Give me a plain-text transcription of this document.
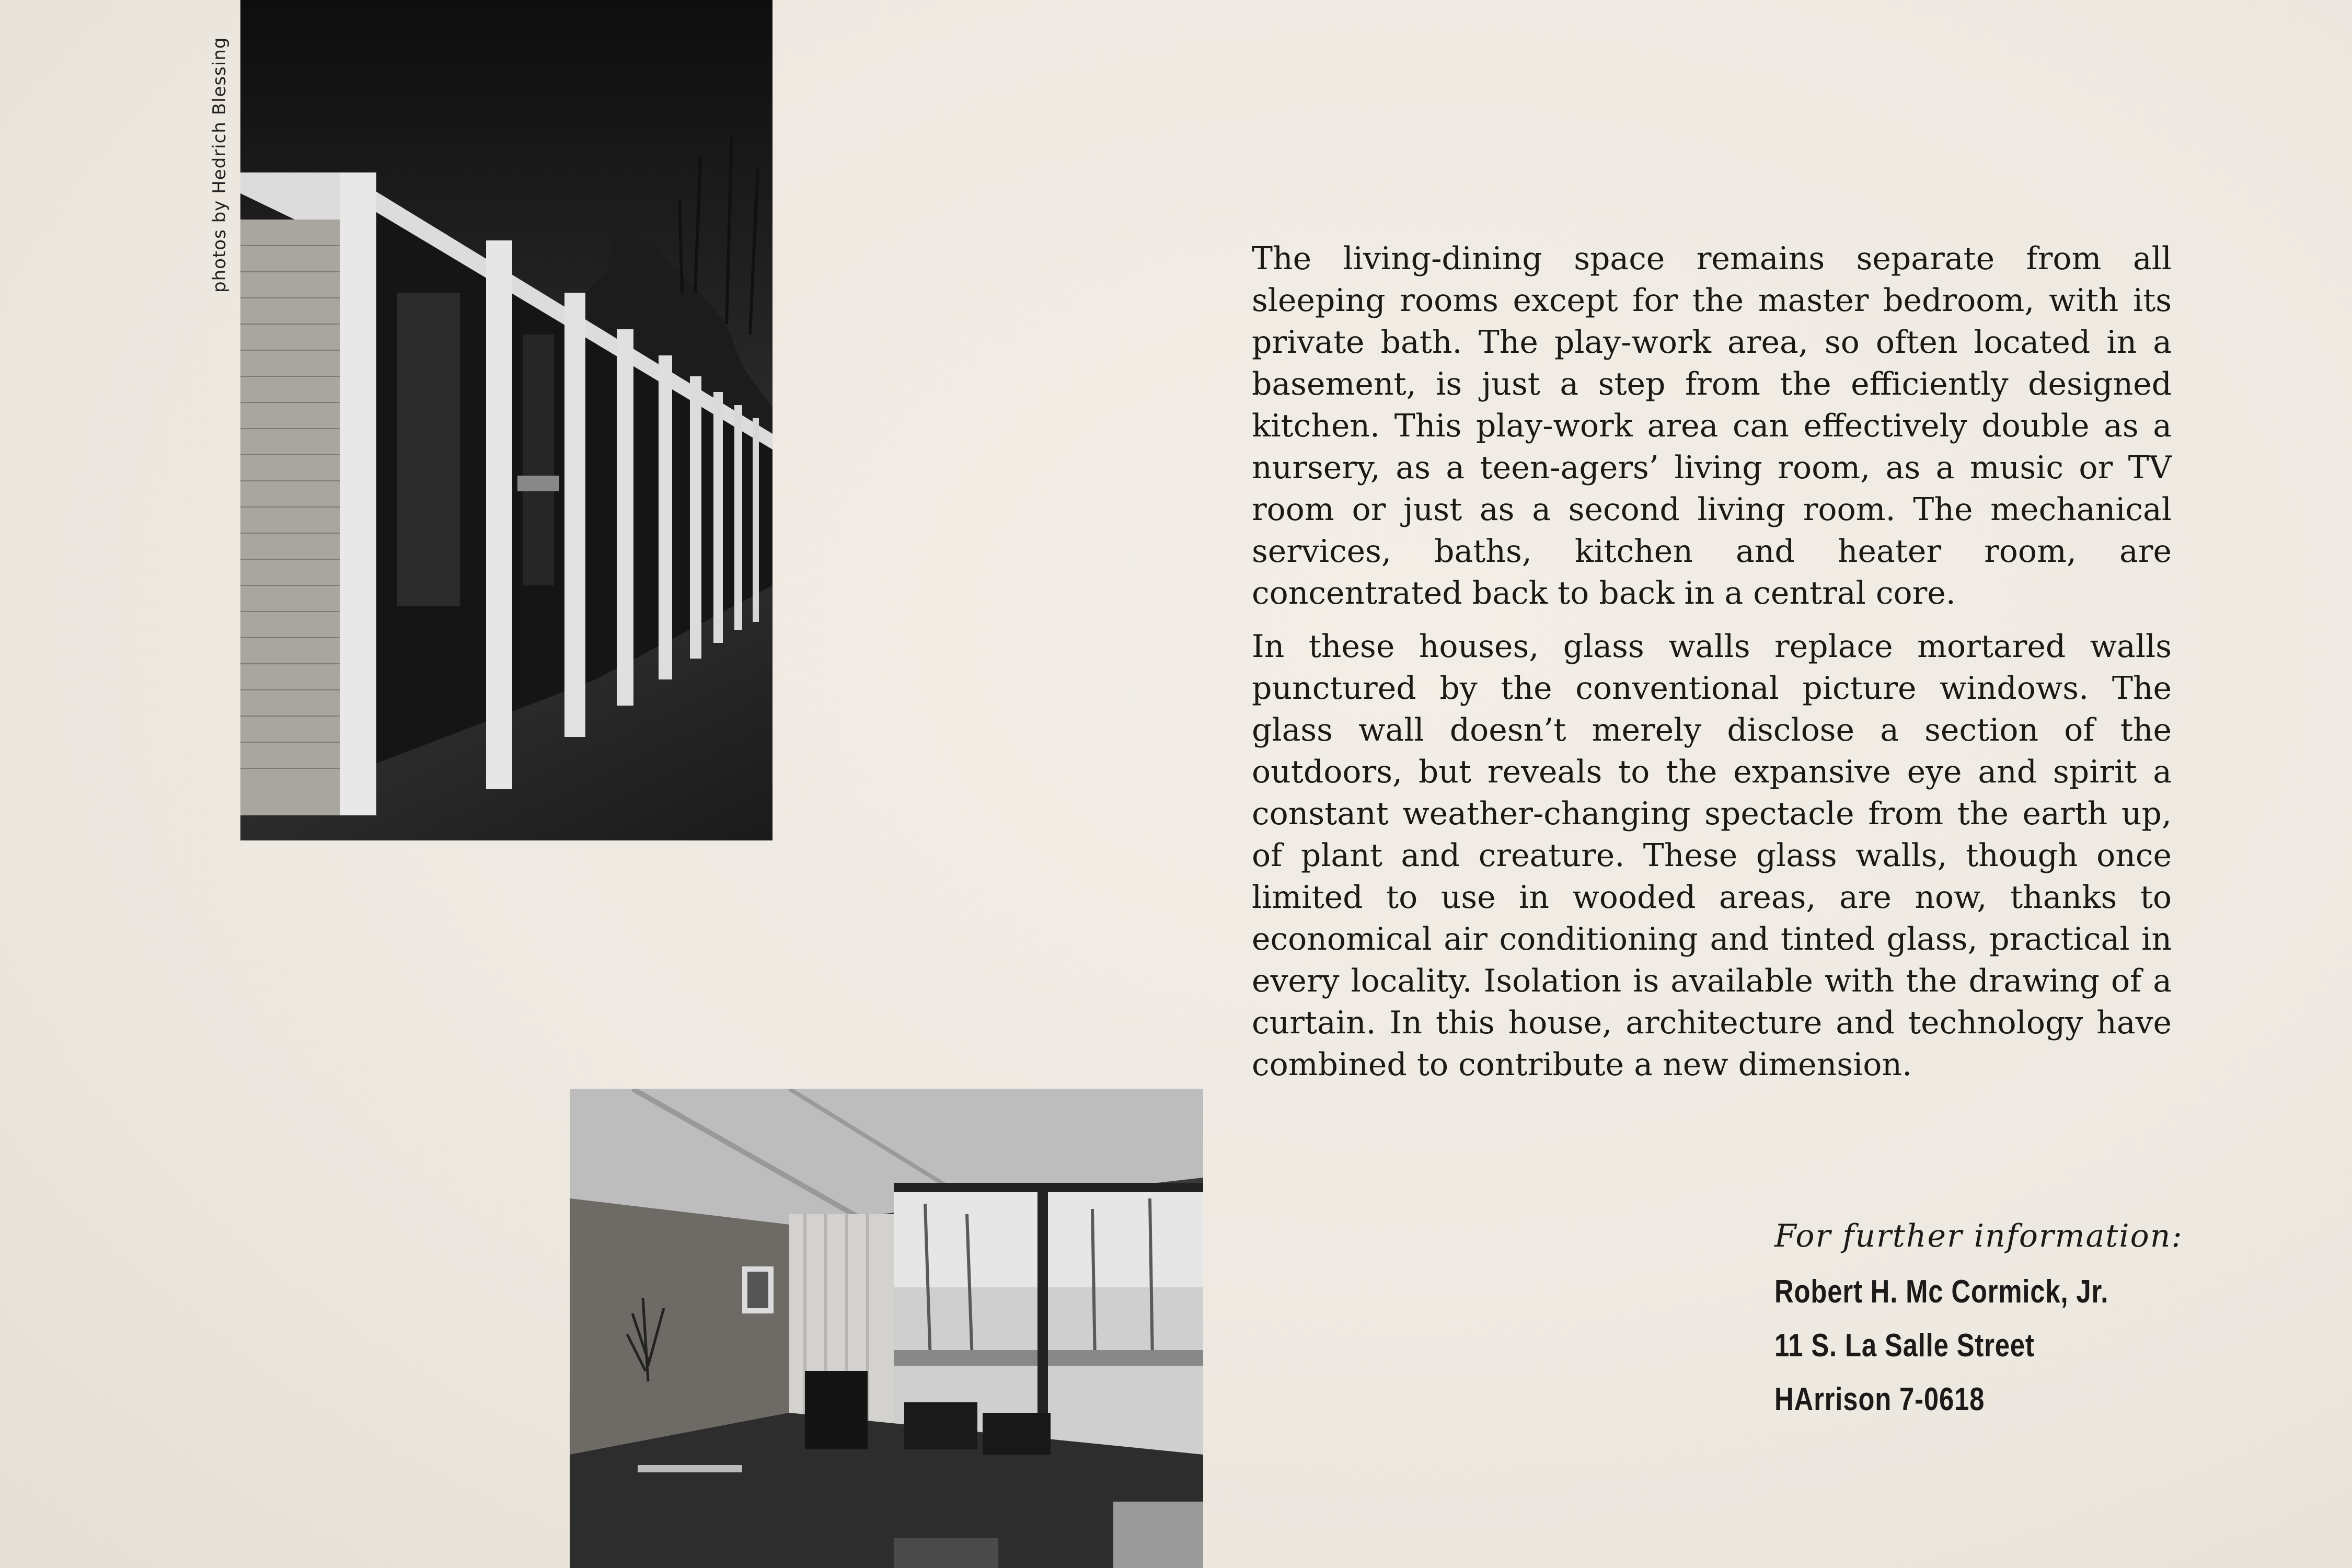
photos by Hedrich Blessing	The living-dining space remains separate from all sleeping rooms except for the master bedroom, with its private bath. The play-work area, so often located in a basement, is just a step from the efficiently designed kitchen. This play-work area can effectively double as a nursery, as a teen-agers’ living room, as a music or TV room or just as a second living room. The mechanical services, baths, kitchen and heater room, are concentrated back to back in a central core.

In these houses, glass walls replace mortared walls punctured by the conventional picture windows. The glass wall doesn’t merely disclose a section of the outdoors, but reveals to the expansive eye and spirit a constant weather-changing spectacle from the earth up, of plant and creature. These glass walls, though once limited to use in wooded areas, are now, thanks to economical air conditioning and tinted glass, practical in every locality. Isolation is available with the drawing of a curtain. In this house, architecture and technology have combined to contribute a new dimension.

For further information:
Robert H. Mc Cormick, Jr.
11 S. La Salle Street
HArrison 7-0618
